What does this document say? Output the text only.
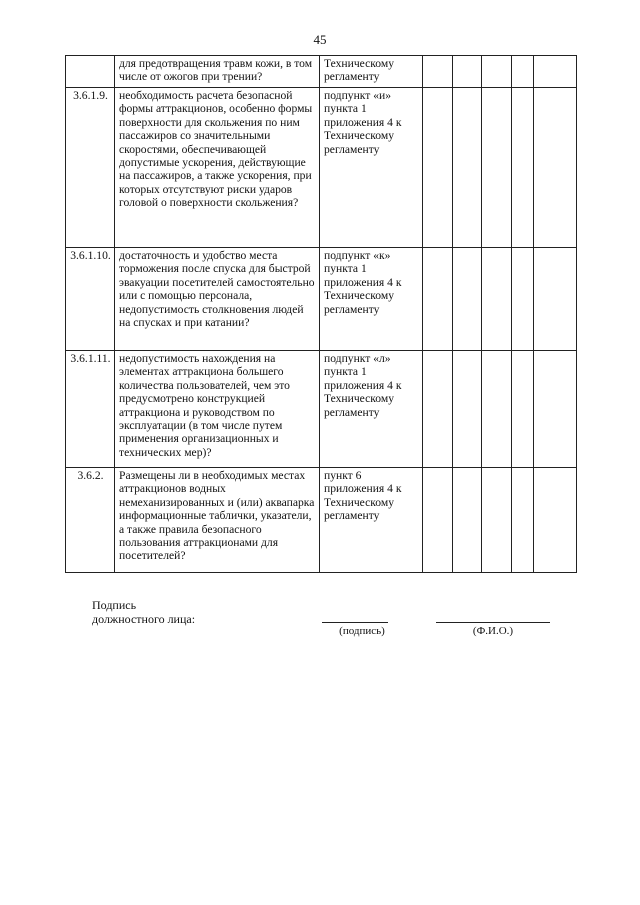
45
	для предотвращения травм кожи, в том числе от ожогов при трении?	Техническому регламенту					
3.6.1.9.	необходимость расчета безопасной формы аттракционов, особенно формы поверхности для скольжения по ним пассажиров со значительными скоростями, обеспечивающей допустимые ускорения, действующие на пассажиров, а также ускорения, при которых отсутствуют риски ударов головой о поверхности скольжения?	подпункт «и» пункта 1 приложения 4 к Техническому регламенту					
3.6.1.10.	достаточность и удобство места торможения после спуска для быстрой эвакуации посетителей самостоятельно или с помощью персонала, недопустимость столкновения людей на спусках и при катании?	подпункт «к» пункта 1 приложения 4 к Техническому регламенту					
3.6.1.11.	недопустимость нахождения на элементах аттракциона большего количества пользователей, чем это предусмотрено конструкцией аттракциона и руководством по эксплуатации (в том числе путем применения организационных и технических мер)?	подпункт «л» пункта 1 приложения 4 к Техническому регламенту					
3.6.2.	Размещены ли в необходимых местах аттракционов водных немеханизированных и (или) аквапарка информационные таблички, указатели, а также правила безопасного пользования аттракционами для посетителей?	пункт 6 приложения 4 к Техническому регламенту					
Подпись
должностного лица:
(подпись)	(Ф.И.О.)
